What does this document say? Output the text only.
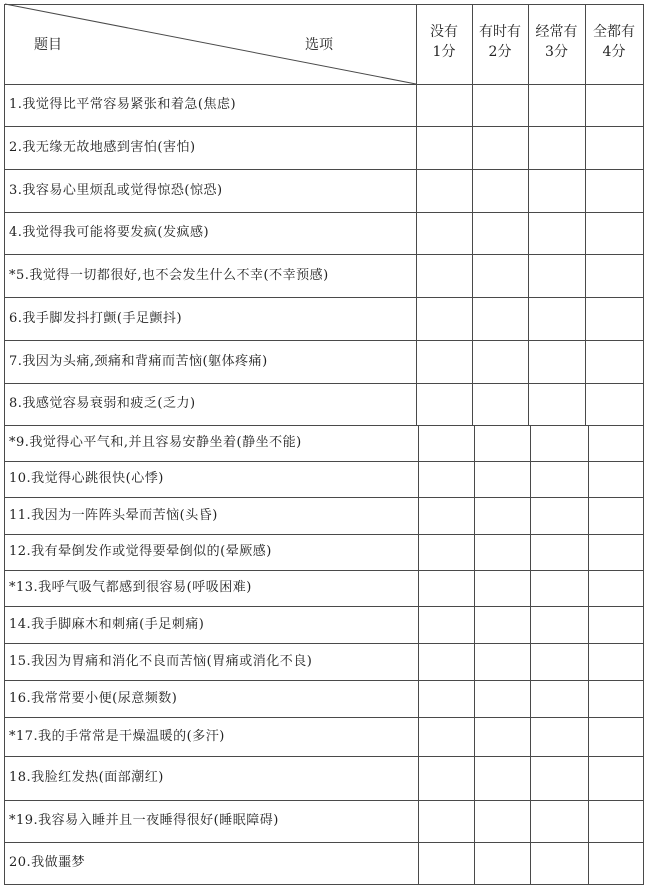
题目	选项
没有
1分
有时有
2分
经常有
3分
全都有
4分
1.我觉得比平常容易紧张和着急(焦虑)
2.我无缘无故地感到害怕(害怕)
3.我容易心里烦乱或觉得惊恐(惊恐)
4.我觉得我可能将要发疯(发疯感)
*5.我觉得一切都很好,也不会发生什么不幸(不幸预感)
6.我手脚发抖打颤(手足颤抖)
7.我因为头痛,颈痛和背痛而苦恼(躯体疼痛)
8.我感觉容易衰弱和疲乏(乏力)
*9.我觉得心平气和,并且容易安静坐着(静坐不能)
10.我觉得心跳很快(心悸)
11.我因为一阵阵头晕而苦恼(头昏)
12.我有晕倒发作或觉得要晕倒似的(晕厥感)
*13.我呼气吸气都感到很容易(呼吸困难)
14.我手脚麻木和刺痛(手足刺痛)
15.我因为胃痛和消化不良而苦恼(胃痛或消化不良)
16.我常常要小便(尿意频数)
*17.我的手常常是干燥温暖的(多汗)
18.我脸红发热(面部潮红)
*19.我容易入睡并且一夜睡得很好(睡眠障碍)
20.我做噩梦
